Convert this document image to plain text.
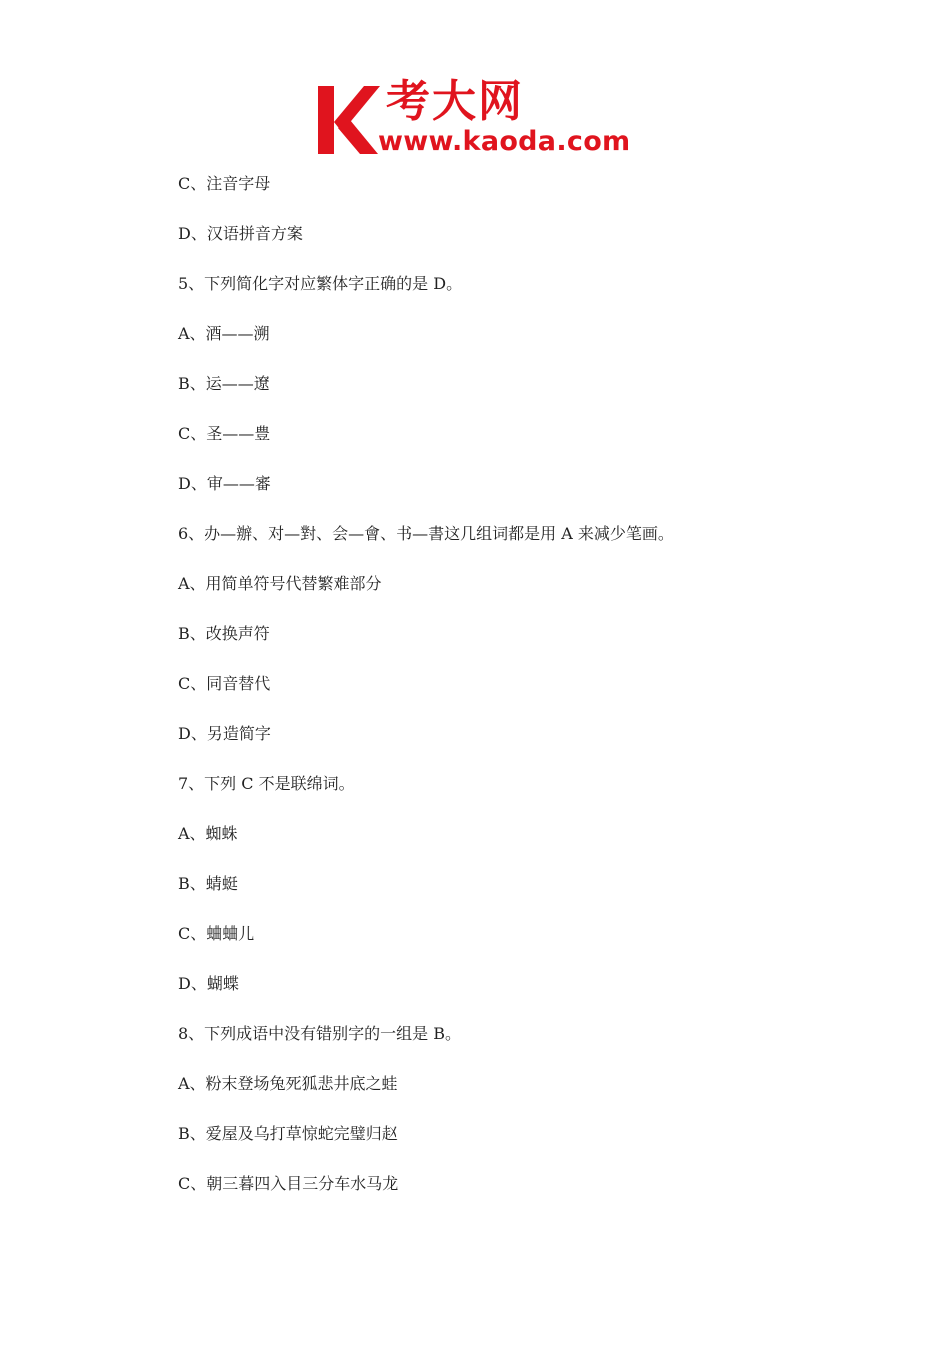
考大网
www.kaoda.com
C、注音字母
D、汉语拼音方案
5、下列简化字对应繁体字正确的是 D。
A、酒——溯
B、运——遼
C、圣——豊
D、审——審
6、办—辦、对—對、会—會、书—書这几组词都是用 A 来减少笔画。
A、用简单符号代替繁难部分
B、改换声符
C、同音替代
D、另造简字
7、下列 C 不是联绵词。
A、蜘蛛
B、蜻蜓
C、蛐蛐儿
D、蝴蝶
8、下列成语中没有错别字的一组是 B。
A、粉末登场兔死狐悲井底之蛙
B、爱屋及乌打草惊蛇完璧归赵
C、朝三暮四入目三分车水马龙
